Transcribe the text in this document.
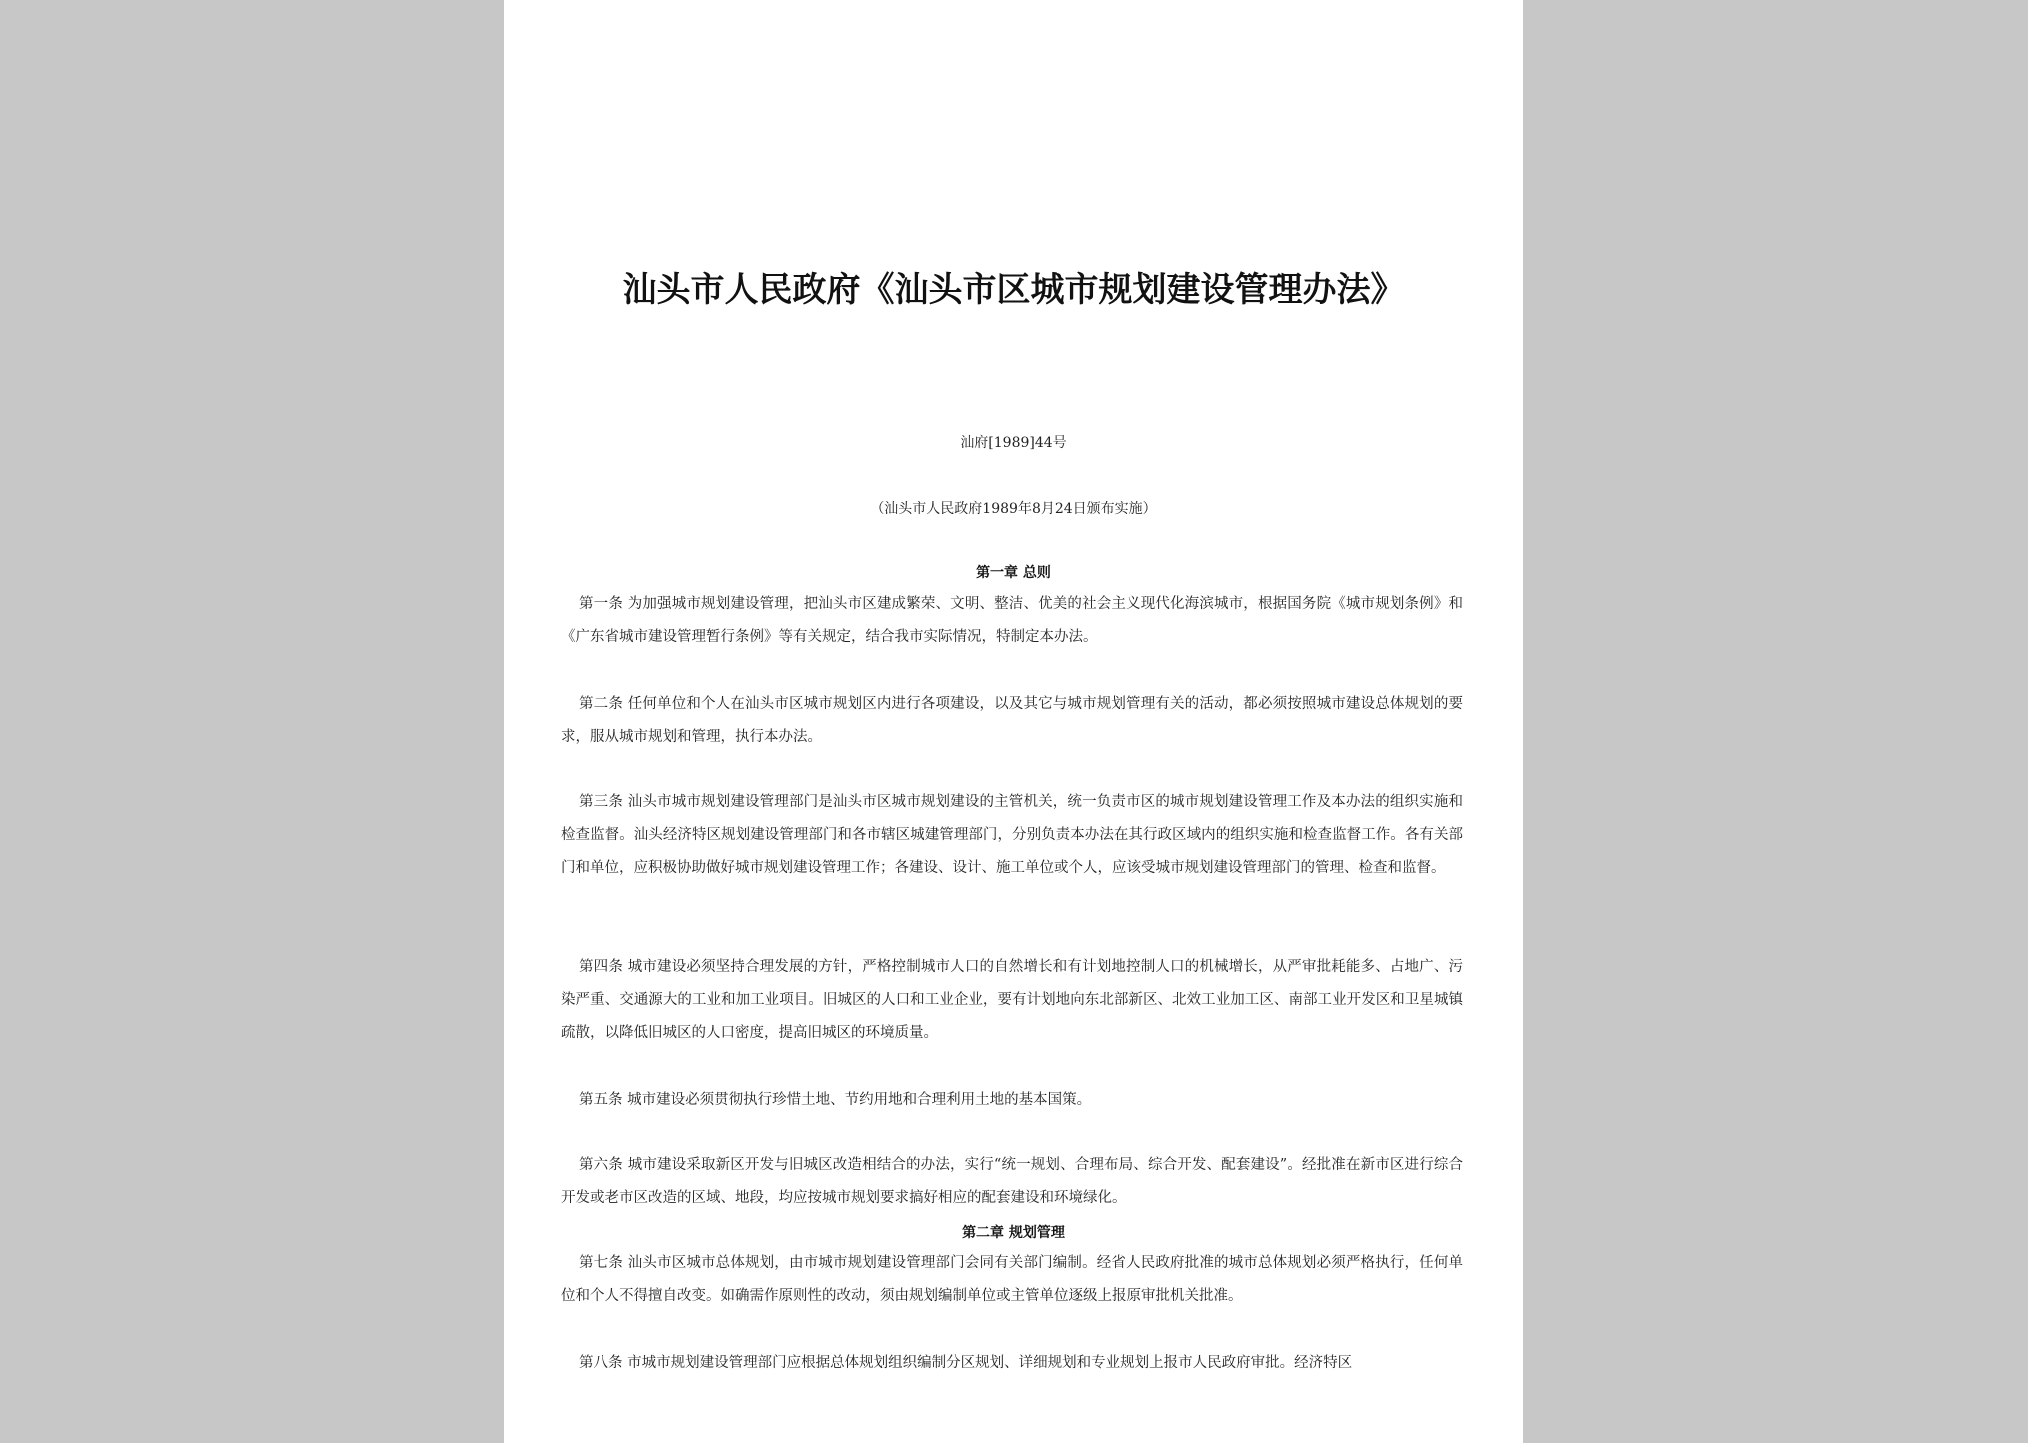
汕头市人民政府《汕头市区城市规划建设管理办法》
汕府[1989]44号
（汕头市人民政府1989年8月24日颁布实施）
第一章 总则

第一条 为加强城市规划建设管理，把汕头市区建成繁荣、文明、整洁、优美的社会主义现代化海滨城市，根据国务院《城市规划条例》和《广东省城市建设管理暂行条例》等有关规定，结合我市实际情况，特制定本办法。

第二条 任何单位和个人在汕头市区城市规划区内进行各项建设，以及其它与城市规划管理有关的活动，都必须按照城市建设总体规划的要求，服从城市规划和管理，执行本办法。

第三条 汕头市城市规划建设管理部门是汕头市区城市规划建设的主管机关，统一负责市区的城市规划建设管理工作及本办法的组织实施和检查监督。汕头经济特区规划建设管理部门和各市辖区城建管理部门，分别负责本办法在其行政区域内的组织实施和检查监督工作。各有关部门和单位，应积极协助做好城市规划建设管理工作；各建设、设计、施工单位或个人，应该受城市规划建设管理部门的管理、检查和监督。

第四条 城市建设必须坚持合理发展的方针，严格控制城市人口的自然增长和有计划地控制人口的机械增长，从严审批耗能多、占地广、污染严重、交通源大的工业和加工业项目。旧城区的人口和工业企业，要有计划地向东北部新区、北效工业加工区、南部工业开发区和卫星城镇疏散，以降低旧城区的人口密度，提高旧城区的环境质量。

第五条 城市建设必须贯彻执行珍惜土地、节约用地和合理利用土地的基本国策。

第六条 城市建设采取新区开发与旧城区改造相结合的办法，实行“统一规划、合理布局、综合开发、配套建设”。经批准在新市区进行综合开发或老市区改造的区域、地段，均应按城市规划要求搞好相应的配套建设和环境绿化。

第二章 规划管理

第七条 汕头市区城市总体规划，由市城市规划建设管理部门会同有关部门编制。经省人民政府批准的城市总体规划必须严格执行，任何单位和个人不得擅自改变。如确需作原则性的改动，须由规划编制单位或主管单位逐级上报原审批机关批准。

第八条 市城市规划建设管理部门应根据总体规划组织编制分区规划、详细规划和专业规划上报市人民政府审批。经济特区
